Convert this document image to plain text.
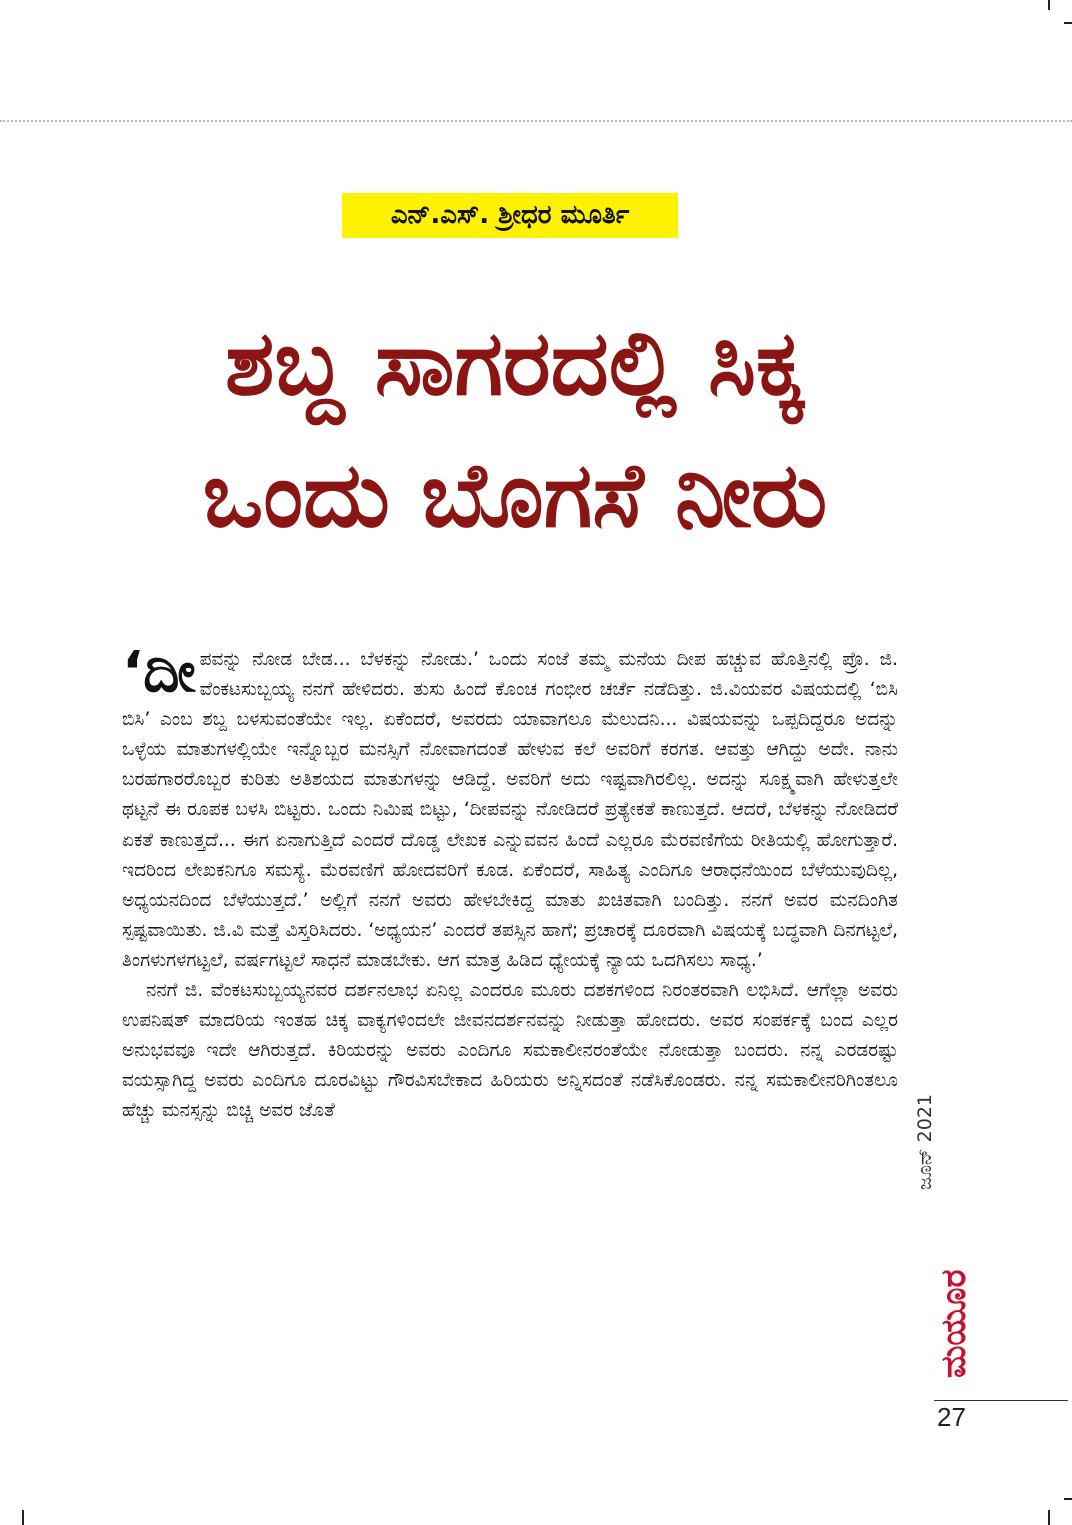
ಎನ್‌.ಎಸ್‌. ಶ್ರೀಧರ ಮೂರ್ತಿ
ಶಬ್ದ ಸಾಗರದಲ್ಲಿ ಸಿಕ್ಕ
ಒಂದು ಬೊಗಸೆ ನೀರು

‘ದೀಪವನ್ನು ನೋಡ ಬೇಡ... ಬೆಳಕನ್ನು ನೋಡು.’ ಒಂದು ಸಂಜೆ ತಮ್ಮ ಮನೆಯ ದೀಪ ಹಚ್ಚುವ ಹೊತ್ತಿನಲ್ಲಿ ಪ್ರೊ. ಜಿ. ವೆಂಕಟಸುಬ್ಬಯ್ಯ ನನಗೆ ಹೇಳಿದರು. ತುಸು ಹಿಂದೆ ಕೊಂಚ ಗಂಭೀರ ಚರ್ಚೆ ನಡೆದಿತ್ತು. ಜಿ.ವಿಯವರ ವಿಷಯದಲ್ಲಿ ‘ಬಿಸಿ ಬಿಸಿ’ ಎಂಬ ಶಬ್ದ ಬಳಸುವಂತೆಯೇ ಇಲ್ಲ. ಏಕೆಂದರೆ, ಅವರದು ಯಾವಾಗಲೂ ಮೆಲುದನಿ... ವಿಷಯವನ್ನು ಒಪ್ಪದಿದ್ದರೂ ಅದನ್ನು ಒಳ್ಳೆಯ ಮಾತುಗಳಲ್ಲಿಯೇ ಇನ್ನೊಬ್ಬರ ಮನಸ್ಸಿಗೆ ನೋವಾಗದಂತೆ ಹೇಳುವ ಕಲೆ ಅವರಿಗೆ ಕರಗತ. ಆವತ್ತು ಆಗಿದ್ದು ಅದೇ. ನಾನು ಬರಹಗಾರರೊಬ್ಬರ ಕುರಿತು ಅತಿಶಯದ ಮಾತುಗಳನ್ನು ಆಡಿದ್ದೆ. ಅವರಿಗೆ ಅದು ಇಷ್ಟವಾಗಿರಲಿಲ್ಲ. ಅದನ್ನು ಸೂಕ್ಷ್ಮವಾಗಿ ಹೇಳುತ್ತಲೇ ಥಟ್ಟನೆ ಈ ರೂಪಕ ಬಳಸಿ ಬಿಟ್ಟರು. ಒಂದು ನಿಮಿಷ ಬಿಟ್ಟು, ‘ದೀಪವನ್ನು ನೋಡಿದರೆ ಪ್ರತ್ಯೇಕತೆ ಕಾಣುತ್ತದೆ. ಆದರೆ, ಬೆಳಕನ್ನು ನೋಡಿದರೆ ಏಕತೆ ಕಾಣುತ್ತದೆ... ಈಗ ಏನಾಗುತ್ತಿದೆ ಎಂದರೆ ದೊಡ್ಡ ಲೇಖಕ ಎನ್ನುವವನ ಹಿಂದೆ ಎಲ್ಲರೂ ಮೆರವಣಿಗೆಯ ರೀತಿಯಲ್ಲಿ ಹೋಗುತ್ತಾರೆ. ಇದರಿಂದ ಲೇಖಕನಿಗೂ ಸಮಸ್ಯೆ. ಮೆರವಣಿಗೆ ಹೋದವರಿಗೆ ಕೂಡ. ಏಕೆಂದರೆ, ಸಾಹಿತ್ಯ ಎಂದಿಗೂ ಆರಾಧನೆಯಿಂದ ಬೆಳೆಯುವುದಿಲ್ಲ, ಅಧ್ಯಯನದಿಂದ ಬೆಳೆಯುತ್ತದೆ.’ ಅಲ್ಲಿಗೆ ನನಗೆ ಅವರು ಹೇಳಬೇಕಿದ್ದ ಮಾತು ಖಚಿತವಾಗಿ ಬಂದಿತ್ತು. ನನಗೆ ಅವರ ಮನದಿಂಗಿತ ಸ್ಪಷ್ಟವಾಯಿತು. ಜಿ.ವಿ ಮತ್ತೆ ವಿಸ್ತರಿಸಿದರು. ‘ಅಧ್ಯಯನ’ ಎಂದರೆ ತಪಸ್ಸಿನ ಹಾಗೆ; ಪ್ರಚಾರಕ್ಕೆ ದೂರವಾಗಿ ವಿಷಯಕ್ಕೆ ಬದ್ಧವಾಗಿ ದಿನಗಟ್ಟಲೆ, ತಿಂಗಳುಗಳಗಟ್ಟಲೆ, ವರ್ಷಗಟ್ಟಲೆ ಸಾಧನೆ ಮಾಡಬೇಕು. ಆಗ ಮಾತ್ರ ಹಿಡಿದ ಧ್ಯೇಯಕ್ಕೆ ನ್ಯಾಯ ಒದಗಿಸಲು ಸಾಧ್ಯ.’

ನನಗೆ ಜಿ. ವೆಂಕಟಸುಬ್ಬಯ್ಯನವರ ದರ್ಶನಲಾಭ ಏನಿಲ್ಲ ಎಂದರೂ ಮೂರು ದಶಕಗಳಿಂದ ನಿರಂತರವಾಗಿ ಲಭಿಸಿದೆ. ಆಗೆಲ್ಲಾ ಅವರು ಉಪನಿಷತ್ ಮಾದರಿಯ ಇಂತಹ ಚಿಕ್ಕ ವಾಕ್ಯಗಳಿಂದಲೇ ಜೀವನದರ್ಶನವನ್ನು ನೀಡುತ್ತಾ ಹೋದರು. ಅವರ ಸಂಪರ್ಕಕ್ಕೆ ಬಂದ ಎಲ್ಲರ ಅನುಭವವೂ ಇದೇ ಆಗಿರುತ್ತದೆ. ಕಿರಿಯರನ್ನು ಅವರು ಎಂದಿಗೂ ಸಮಕಾಲೀನರಂತೆಯೇ ನೋಡುತ್ತಾ ಬಂದರು. ನನ್ನ ಎರಡರಷ್ಟು ವಯಸ್ಸಾಗಿದ್ದ ಅವರು ಎಂದಿಗೂ ದೂರವಿಟ್ಟು ಗೌರವಿಸಬೇಕಾದ ಹಿರಿಯರು ಅನ್ನಿಸದಂತೆ ನಡೆಸಿಕೊಂಡರು. ನನ್ನ ಸಮಕಾಲೀನರಿಗಿಂತಲೂ ಹೆಚ್ಚು ಮನಸ್ಸನ್ನು ಬಿಚ್ಚಿ ಅವರ ಜೊತೆ	ಜೂನ್ 2021
ಮಯೂರ
27
